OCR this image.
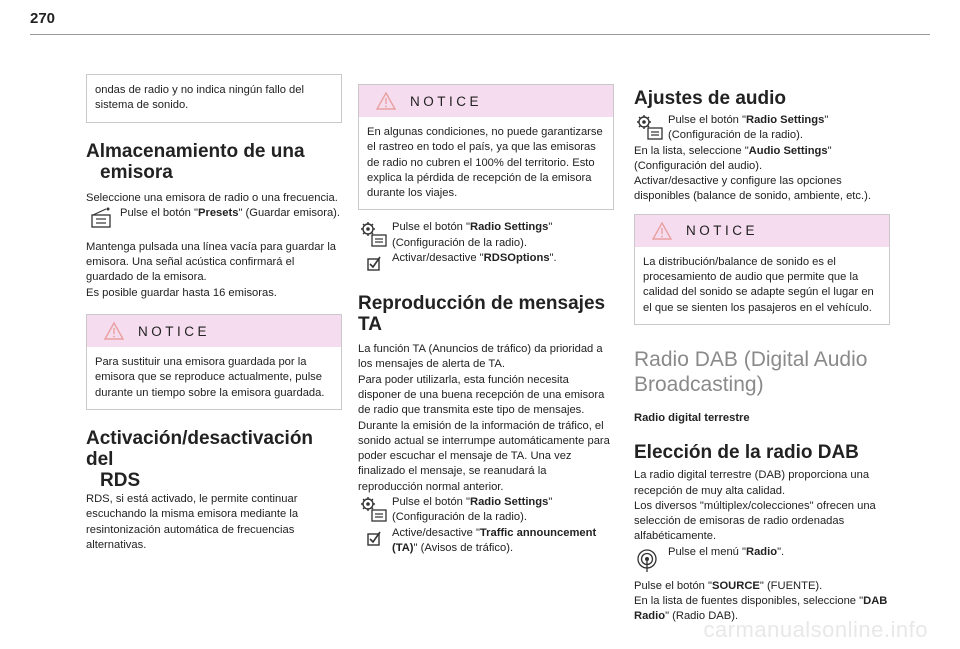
270

ondas de radio y no indica ningún fallo del sistema de sonido.

Almacenamiento de una
emisora

Seleccione una emisora de radio o una frecuencia.

Pulse el botón "Presets" (Guardar emisora).

Mantenga pulsada una línea vacía para guardar la emisora. Una señal acústica confirmará el guardado de la emisora.

Es posible guardar hasta 16 emisoras.

NOTICE

Para sustituir una emisora guardada por la emisora que se reproduce actualmente, pulse durante un tiempo sobre la emisora guardada.

Activación/desactivación del
RDS

RDS, si está activado, le permite continuar escuchando la misma emisora mediante la resintonización automática de frecuencias alternativas.

NOTICE

En algunas condiciones, no puede garantizarse el rastreo en todo el país, ya que las emisoras de radio no cubren el 100% del territorio. Esto explica la pérdida de recepción de la emisora durante los viajes.

Pulse el botón "Radio Settings" (Configuración de la radio).

Activar/desactive "RDSOptions".

Reproducción de mensajes TA

La función TA (Anuncios de tráfico) da prioridad a los mensajes de alerta de TA.

Para poder utilizarla, esta función necesita disponer de una buena recepción de una emisora de radio que transmita este tipo de mensajes. Durante la emisión de la información de tráfico, el sonido actual se interrumpe automáticamente para poder escuchar el mensaje de TA. Una vez finalizado el mensaje, se reanudará la reproducción normal anterior.

Pulse el botón "Radio Settings" (Configuración de la radio).

Active/desactive "Traffic announcement (TA)" (Avisos de tráfico).

Ajustes de audio

Pulse el botón "Radio Settings" (Configuración de la radio).

En la lista, seleccione "Audio Settings" (Configuración del audio).

Activar/desactive y configure las opciones disponibles (balance de sonido, ambiente, etc.).

NOTICE

La distribución/balance de sonido es el procesamiento de audio que permite que la calidad del sonido se adapte según el lugar en el que se sienten los pasajeros en el vehículo.

Radio DAB (Digital Audio
Broadcasting)

Radio digital terrestre

Elección de la radio DAB

La radio digital terrestre (DAB) proporciona una recepción de muy alta calidad.

Los diversos "múltiplex/colecciones" ofrecen una selección de emisoras de radio ordenadas alfabéticamente.

Pulse el menú "Radio".

Pulse el botón "SOURCE" (FUENTE).

En la lista de fuentes disponibles, seleccione "DAB Radio" (Radio DAB).

carmanualsonline.info
